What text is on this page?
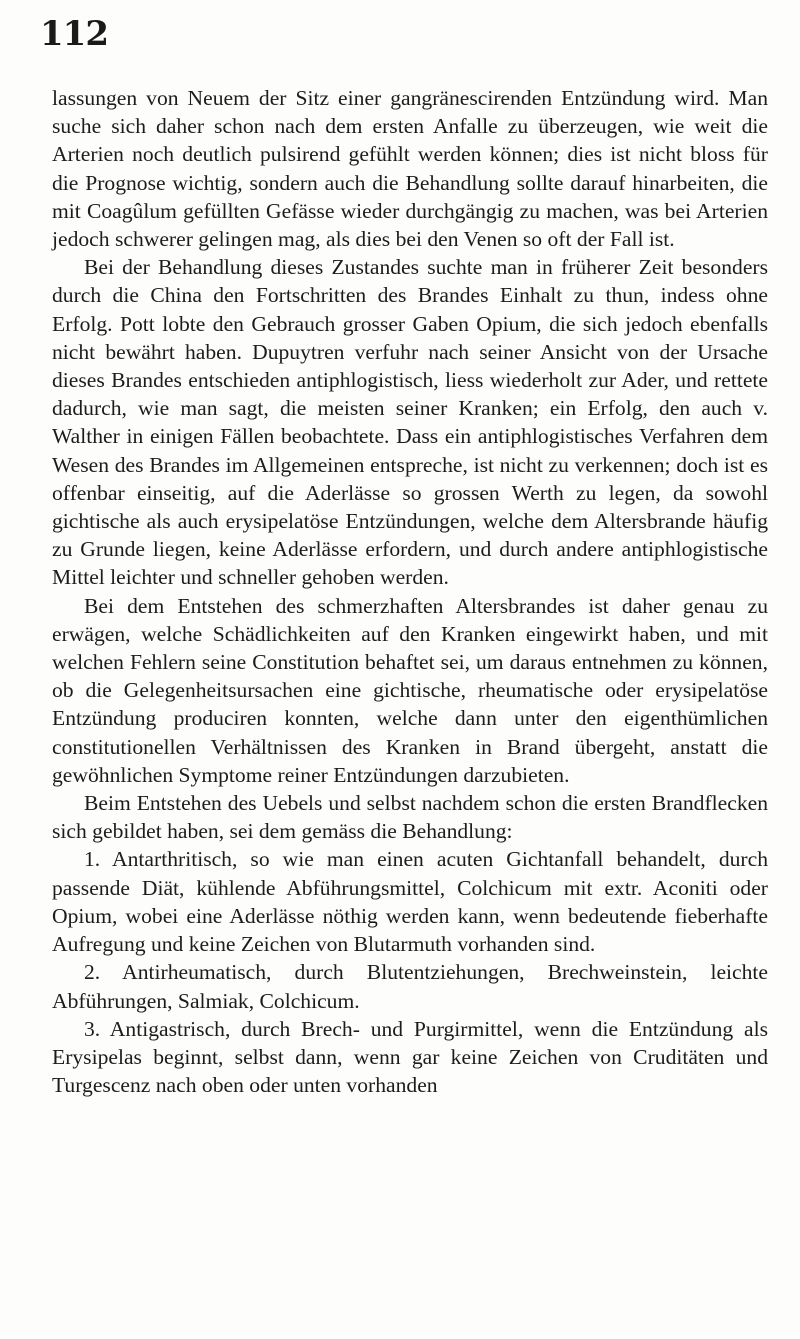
112

lassungen von Neuem der Sitz einer gangränescirenden Entzündung wird. Man suche sich daher schon nach dem ersten Anfalle zu überzeugen, wie weit die Arterien noch deutlich pulsirend gefühlt werden können; dies ist nicht bloss für die Prognose wichtig, sondern auch die Behandlung sollte darauf hinarbeiten, die mit Coagûlum gefüllten Gefässe wieder durchgängig zu machen, was bei Arterien jedoch schwerer gelingen mag, als dies bei den Venen so oft der Fall ist.

Bei der Behandlung dieses Zustandes suchte man in früherer Zeit besonders durch die China den Fortschritten des Brandes Einhalt zu thun, indess ohne Erfolg. Pott lobte den Gebrauch grosser Gaben Opium, die sich jedoch ebenfalls nicht bewährt haben. Dupuytren verfuhr nach seiner Ansicht von der Ursache dieses Brandes entschieden antiphlogistisch, liess wiederholt zur Ader, und rettete dadurch, wie man sagt, die meisten seiner Kranken; ein Erfolg, den auch v. Walther in einigen Fällen beobachtete. Dass ein antiphlogistisches Verfahren dem Wesen des Brandes im Allgemeinen entspreche, ist nicht zu verkennen; doch ist es offenbar einseitig, auf die Aderlässe so grossen Werth zu legen, da sowohl gichtische als auch erysipelatöse Entzündungen, welche dem Altersbrande häufig zu Grunde liegen, keine Aderlässe erfordern, und durch andere antiphlogistische Mittel leichter und schneller gehoben werden.

Bei dem Entstehen des schmerzhaften Altersbrandes ist daher genau zu erwägen, welche Schädlichkeiten auf den Kranken eingewirkt haben, und mit welchen Fehlern seine Constitution behaftet sei, um daraus entnehmen zu können, ob die Gelegenheitsursachen eine gichtische, rheumatische oder erysipelatöse Entzündung produciren konnten, welche dann unter den eigenthümlichen constitutionellen Verhältnissen des Kranken in Brand übergeht, anstatt die gewöhnlichen Symptome reiner Entzündungen darzubieten.

Beim Entstehen des Uebels und selbst nachdem schon die ersten Brandflecken sich gebildet haben, sei dem gemäss die Behandlung:

1. Antarthritisch, so wie man einen acuten Gichtanfall behandelt, durch passende Diät, kühlende Abführungsmittel, Colchicum mit extr. Aconiti oder Opium, wobei eine Aderlässe nöthig werden kann, wenn bedeutende fieberhafte Aufregung und keine Zeichen von Blutarmuth vorhanden sind.

2. Antirheumatisch, durch Blutentziehungen, Brechweinstein, leichte Abführungen, Salmiak, Colchicum.

3. Antigastrisch, durch Brech- und Purgirmittel, wenn die Entzündung als Erysipelas beginnt, selbst dann, wenn gar keine Zeichen von Cruditäten und Turgescenz nach oben oder unten vorhanden
